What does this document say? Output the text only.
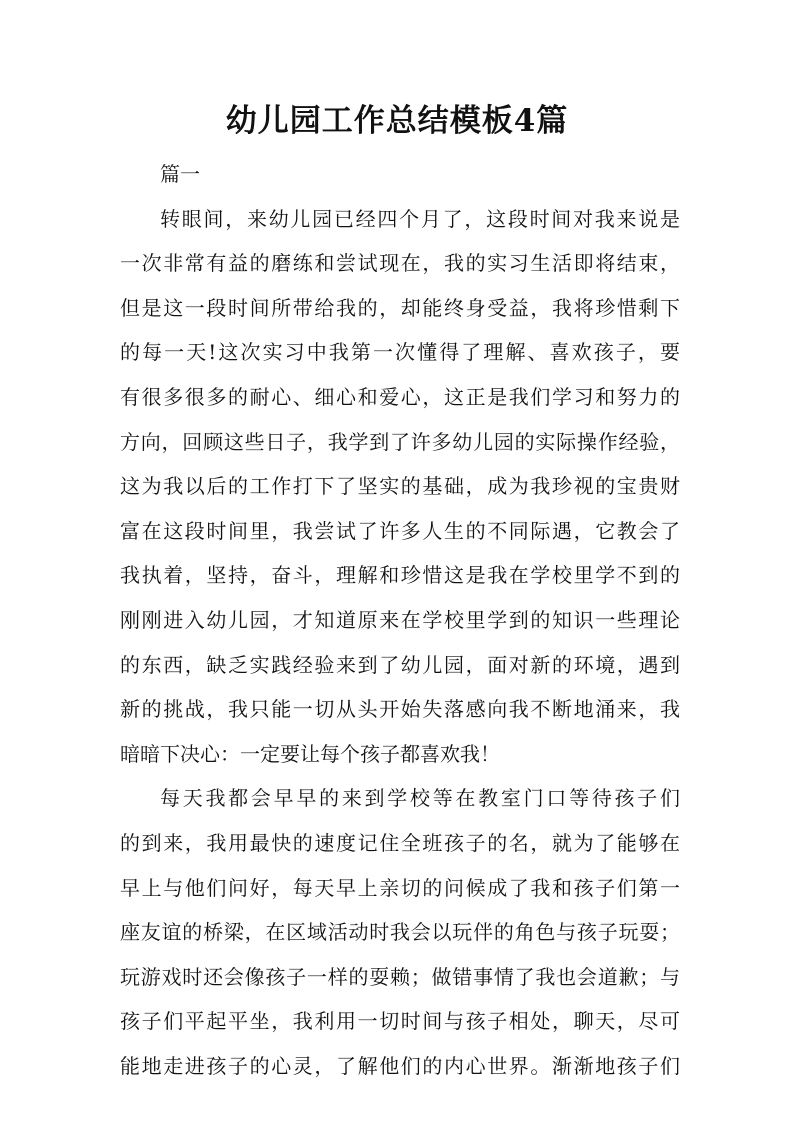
幼儿园工作总结模板4篇
篇一
转眼间，来幼儿园已经四个月了，这段时间对我来说是
一次非常有益的磨练和尝试现在，我的实习生活即将结束，
但是这一段时间所带给我的，却能终身受益，我将珍惜剩下
的每一天!这次实习中我第一次懂得了理解、喜欢孩子，要
有很多很多的耐心、细心和爱心，这正是我们学习和努力的
方向，回顾这些日子，我学到了许多幼儿园的实际操作经验，
这为我以后的工作打下了坚实的基础，成为我珍视的宝贵财
富在这段时间里，我尝试了许多人生的不同际遇，它教会了
我执着，坚持，奋斗，理解和珍惜这是我在学校里学不到的
刚刚进入幼儿园，才知道原来在学校里学到的知识一些理论
的东西，缺乏实践经验来到了幼儿园，面对新的环境，遇到
新的挑战，我只能一切从头开始失落感向我不断地涌来，我
暗暗下决心：一定要让每个孩子都喜欢我！
每天我都会早早的来到学校等在教室门口等待孩子们
的到来，我用最快的速度记住全班孩子的名，就为了能够在
早上与他们问好，每天早上亲切的问候成了我和孩子们第一
座友谊的桥梁，在区域活动时我会以玩伴的角色与孩子玩耍；
玩游戏时还会像孩子一样的耍赖；做错事情了我也会道歉；与
孩子们平起平坐，我利用一切时间与孩子相处，聊天，尽可
能地走进孩子的心灵，了解他们的内心世界。渐渐地孩子们
